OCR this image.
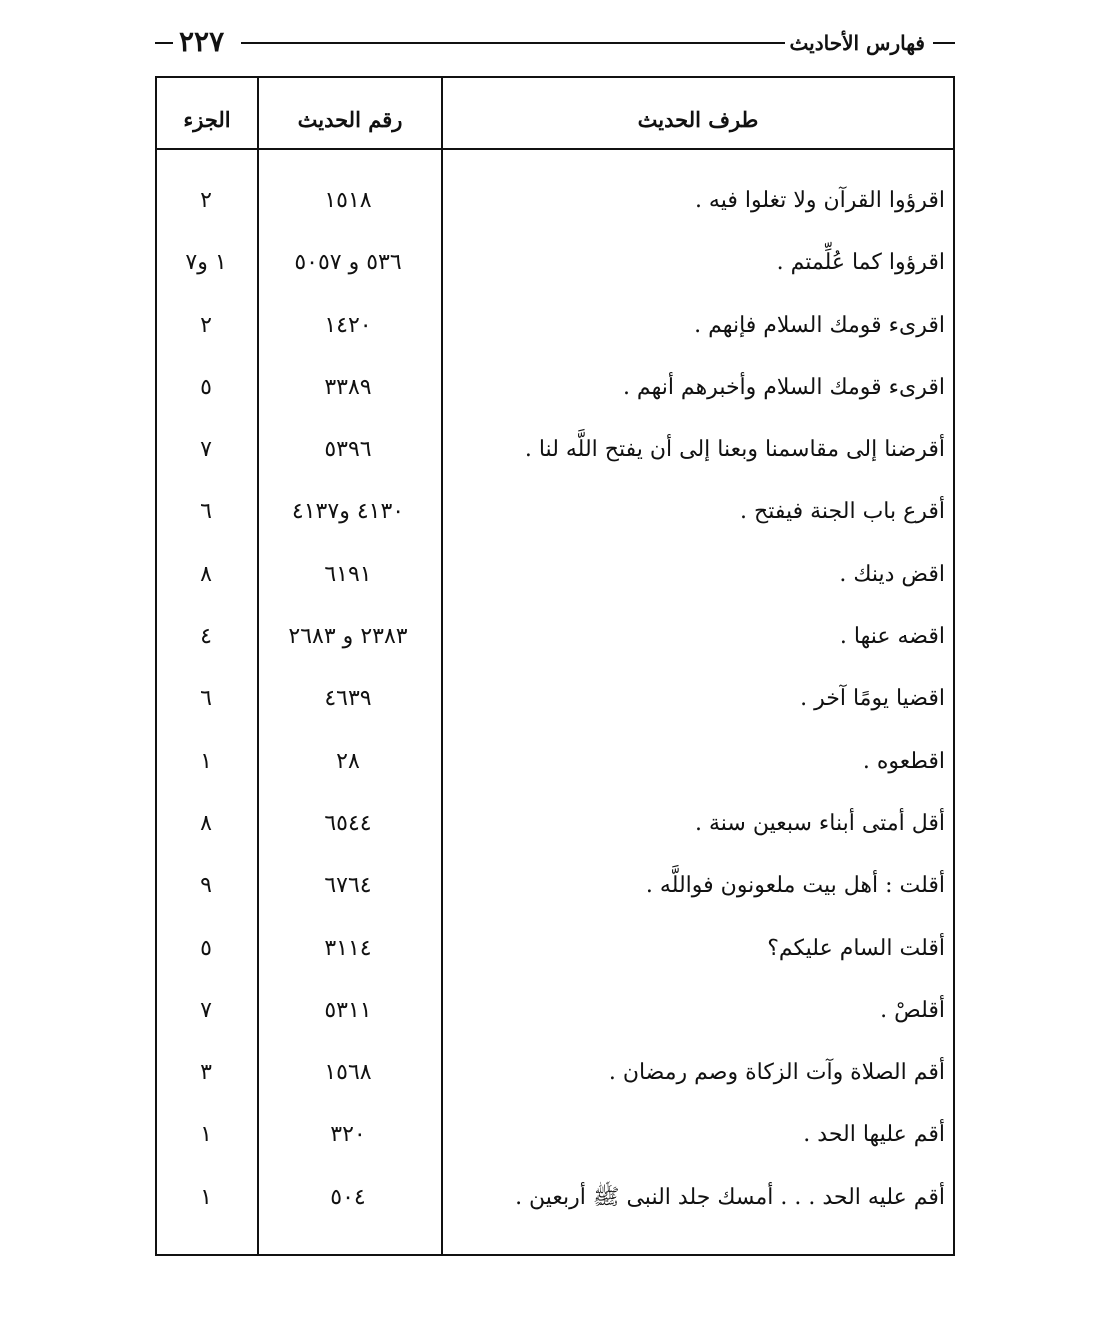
٢٢٧	فهارس الأحاديث
طرف الحديث
رقم الحديث
الجزء
اقرؤوا القرآن ولا تغلوا فيه .
١٥١٨
٢
اقرؤوا كما عُلِّمتم .
٥٣٦ و ٥٠٥٧
١ و٧
اقرىء قومك السلام فإنهم .
١٤٢٠
٢
اقرىء قومك السلام وأخبرهم أنهم .
٣٣٨٩
٥
أقرضنا إلى مقاسمنا وبعنا إلى أن يفتح اللَّه لنا .
٥٣٩٦
٧
أقرع باب الجنة فيفتح .
٤١٣٠ و٤١٣٧
٦
اقض دينك .
٦١٩١
٨
اقضه عنها .
٢٣٨٣ و ٢٦٨٣
٤
اقضيا يومًا آخر .
٤٦٣٩
٦
اقطعوه .
٢٨
١
أقل أمتى أبناء سبعين سنة .
٦٥٤٤
٨
أقلت : أهل بيت ملعونون فواللَّه .
٦٧٦٤
٩
أقلت السام عليكم؟
٣١١٤
٥
أقلصْ .
٥٣١١
٧
أقم الصلاة وآت الزكاة وصم رمضان .
١٥٦٨
٣
أقم عليها الحد .
٣٢٠
١
أقم عليه الحد . . . أمسك جلد النبى ﷺ أربعين .
٥٠٤
١
